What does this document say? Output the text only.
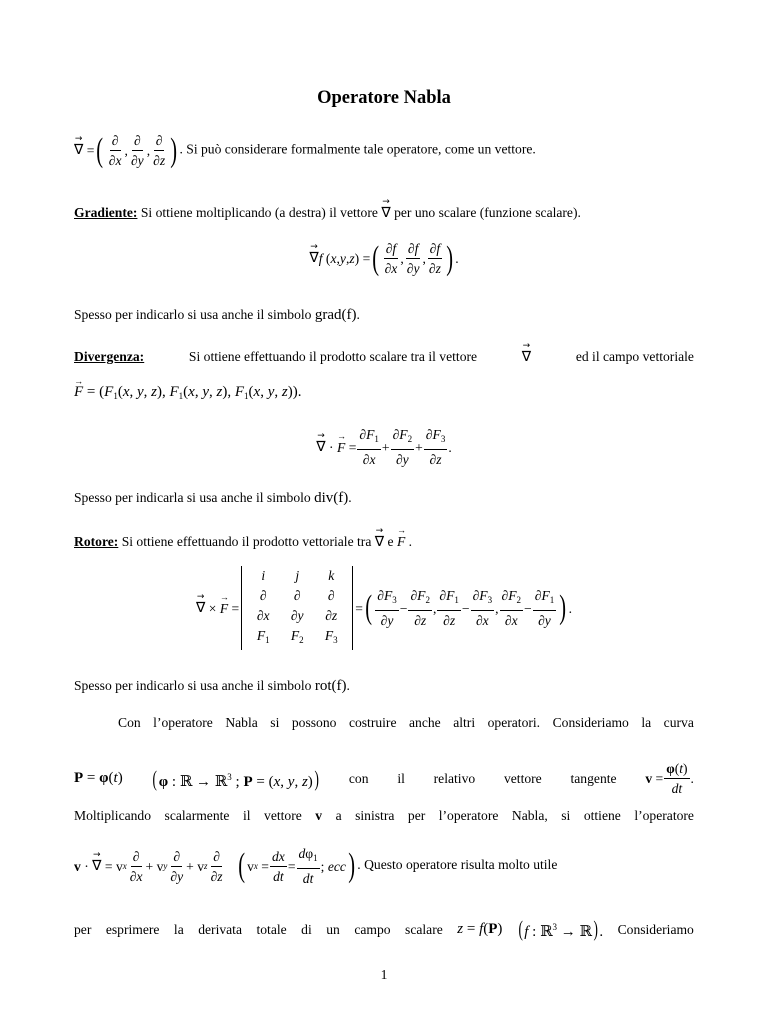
Operatore Nabla
→ ∇ = ( $\frac{\partial}{\partial x}$ , $\frac{\partial}{\partial y}$ , $\frac{\partial}{\partial z}$ ) . Si può considerare formalmente tale operatore, come un vettore.
Gradiente: Si ottiene moltiplicando (a destra) il vettore → ∇ per uno scalare (funzione scalare).
→ ∇ f ( x , y , z ) = ( $\frac{\partial f}{\partial x}$ , $\frac{\partial f}{\partial y}$ , $\frac{\partial f}{\partial z}$ ) .
Spesso per indicarlo si usa anche il simbolo grad(f).
Divergenza:	Si ottiene effettuando il prodotto scalare tra il vettore	→ ∇	ed il campo vettoriale
→ $F = (F_1(x$, y, z), $F_1(x$, y, z), $F_1(x$, y, z)).
→ ∇ · → $F = \frac{\partial F_1}{\partial x} + \frac{\partial F_2}{\partial y} + \frac{\partial F_3}{\partial z}$ .
Spesso per indicarla si usa anche il simbolo div(f).
Rotore: Si ottiene effettuando il prodotto vettoriale tra → ∇ e → F .
→ ∇ × → F =
i	j	k
∂	∂	∂
∂x	∂y	∂z
$F_1$	$F_2$	$F_3$
= ( $\frac{\partial F_3}{\partial y} - \frac{\partial F_2}{\partial z}$ , $\frac{\partial F_1}{\partial z} - \frac{\partial F_3}{\partial x}$ , $\frac{\partial F_2}{\partial x} - \frac{\partial F_1}{\partial y}$ ) .
Spesso per indicarlo si usa anche il simbolo rot(f).
Con l’operatore Nabla si possono costruire anche altri operatori. Consideriamo la curva
P = φ(t) (φ : ℝ → ℝ$^3$ ; P = (x, y, z)) con il relativo vettore tangente $v = \frac{\varphi(t)}{dt}$ .
Moltiplicando scalarmente il vettore v a sinistra per l’operatore Nabla, si ottiene l’operatore
v · → ∇ = v x $\frac{\partial}{\partial x} + v$ y $\frac{\partial}{\partial y} + v$ z $\frac{\partial}{\partial z}$
( v $x = \frac{dx}{dt} = \frac{d\varphi_1}{dt}$ ; ecc ) . Questo operatore risulta molto utile
per esprimere la derivata totale di un campo scalare z = f(P) (f : ℝ$^3$ → ℝ). Consideriamo
1
